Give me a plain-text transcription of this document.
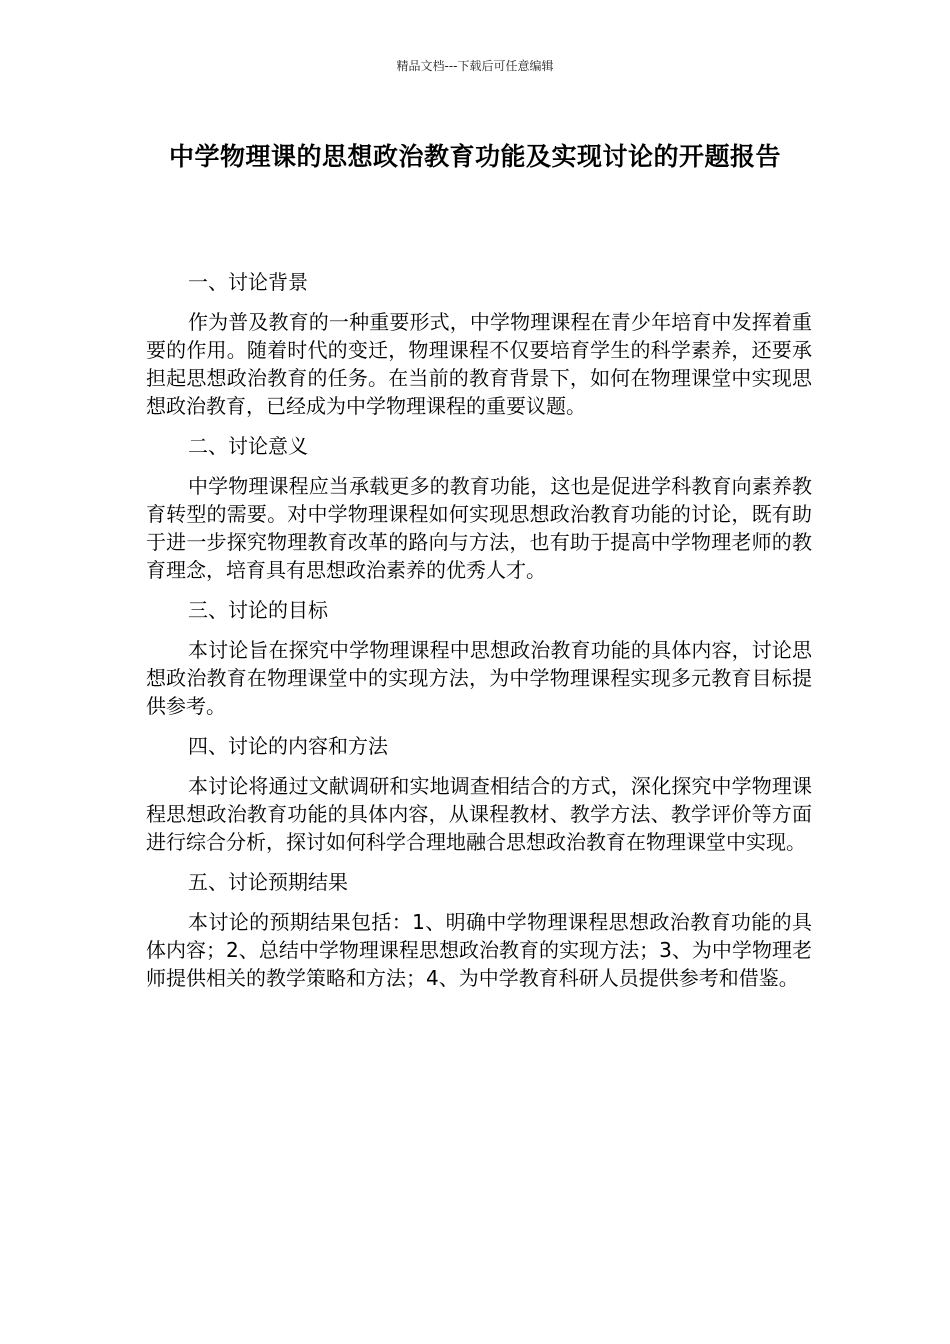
精品文档---下载后可任意编辑
中学物理课的思想政治教育功能及实现讨论的开题报告

一、讨论背景

作为普及教育的一种重要形式，中学物理课程在青少年培育中发挥着重要的作用。随着时代的变迁，物理课程不仅要培育学生的科学素养，还要承担起思想政治教育的任务。在当前的教育背景下，如何在物理课堂中实现思想政治教育，已经成为中学物理课程的重要议题。

二、讨论意义

中学物理课程应当承载更多的教育功能，这也是促进学科教育向素养教育转型的需要。对中学物理课程如何实现思想政治教育功能的讨论，既有助于进一步探究物理教育改革的路向与方法，也有助于提高中学物理老师的教育理念，培育具有思想政治素养的优秀人才。

三、讨论的目标

本讨论旨在探究中学物理课程中思想政治教育功能的具体内容，讨论思想政治教育在物理课堂中的实现方法，为中学物理课程实现多元教育目标提供参考。

四、讨论的内容和方法

本讨论将通过文献调研和实地调查相结合的方式，深化探究中学物理课程思想政治教育功能的具体内容，从课程教材、教学方法、教学评价等方面进行综合分析，探讨如何科学合理地融合思想政治教育在物理课堂中实现。

五、讨论预期结果

本讨论的预期结果包括：1、明确中学物理课程思想政治教育功能的具体内容；2、总结中学物理课程思想政治教育的实现方法；3、为中学物理老师提供相关的教学策略和方法；4、为中学教育科研人员提供参考和借鉴。
